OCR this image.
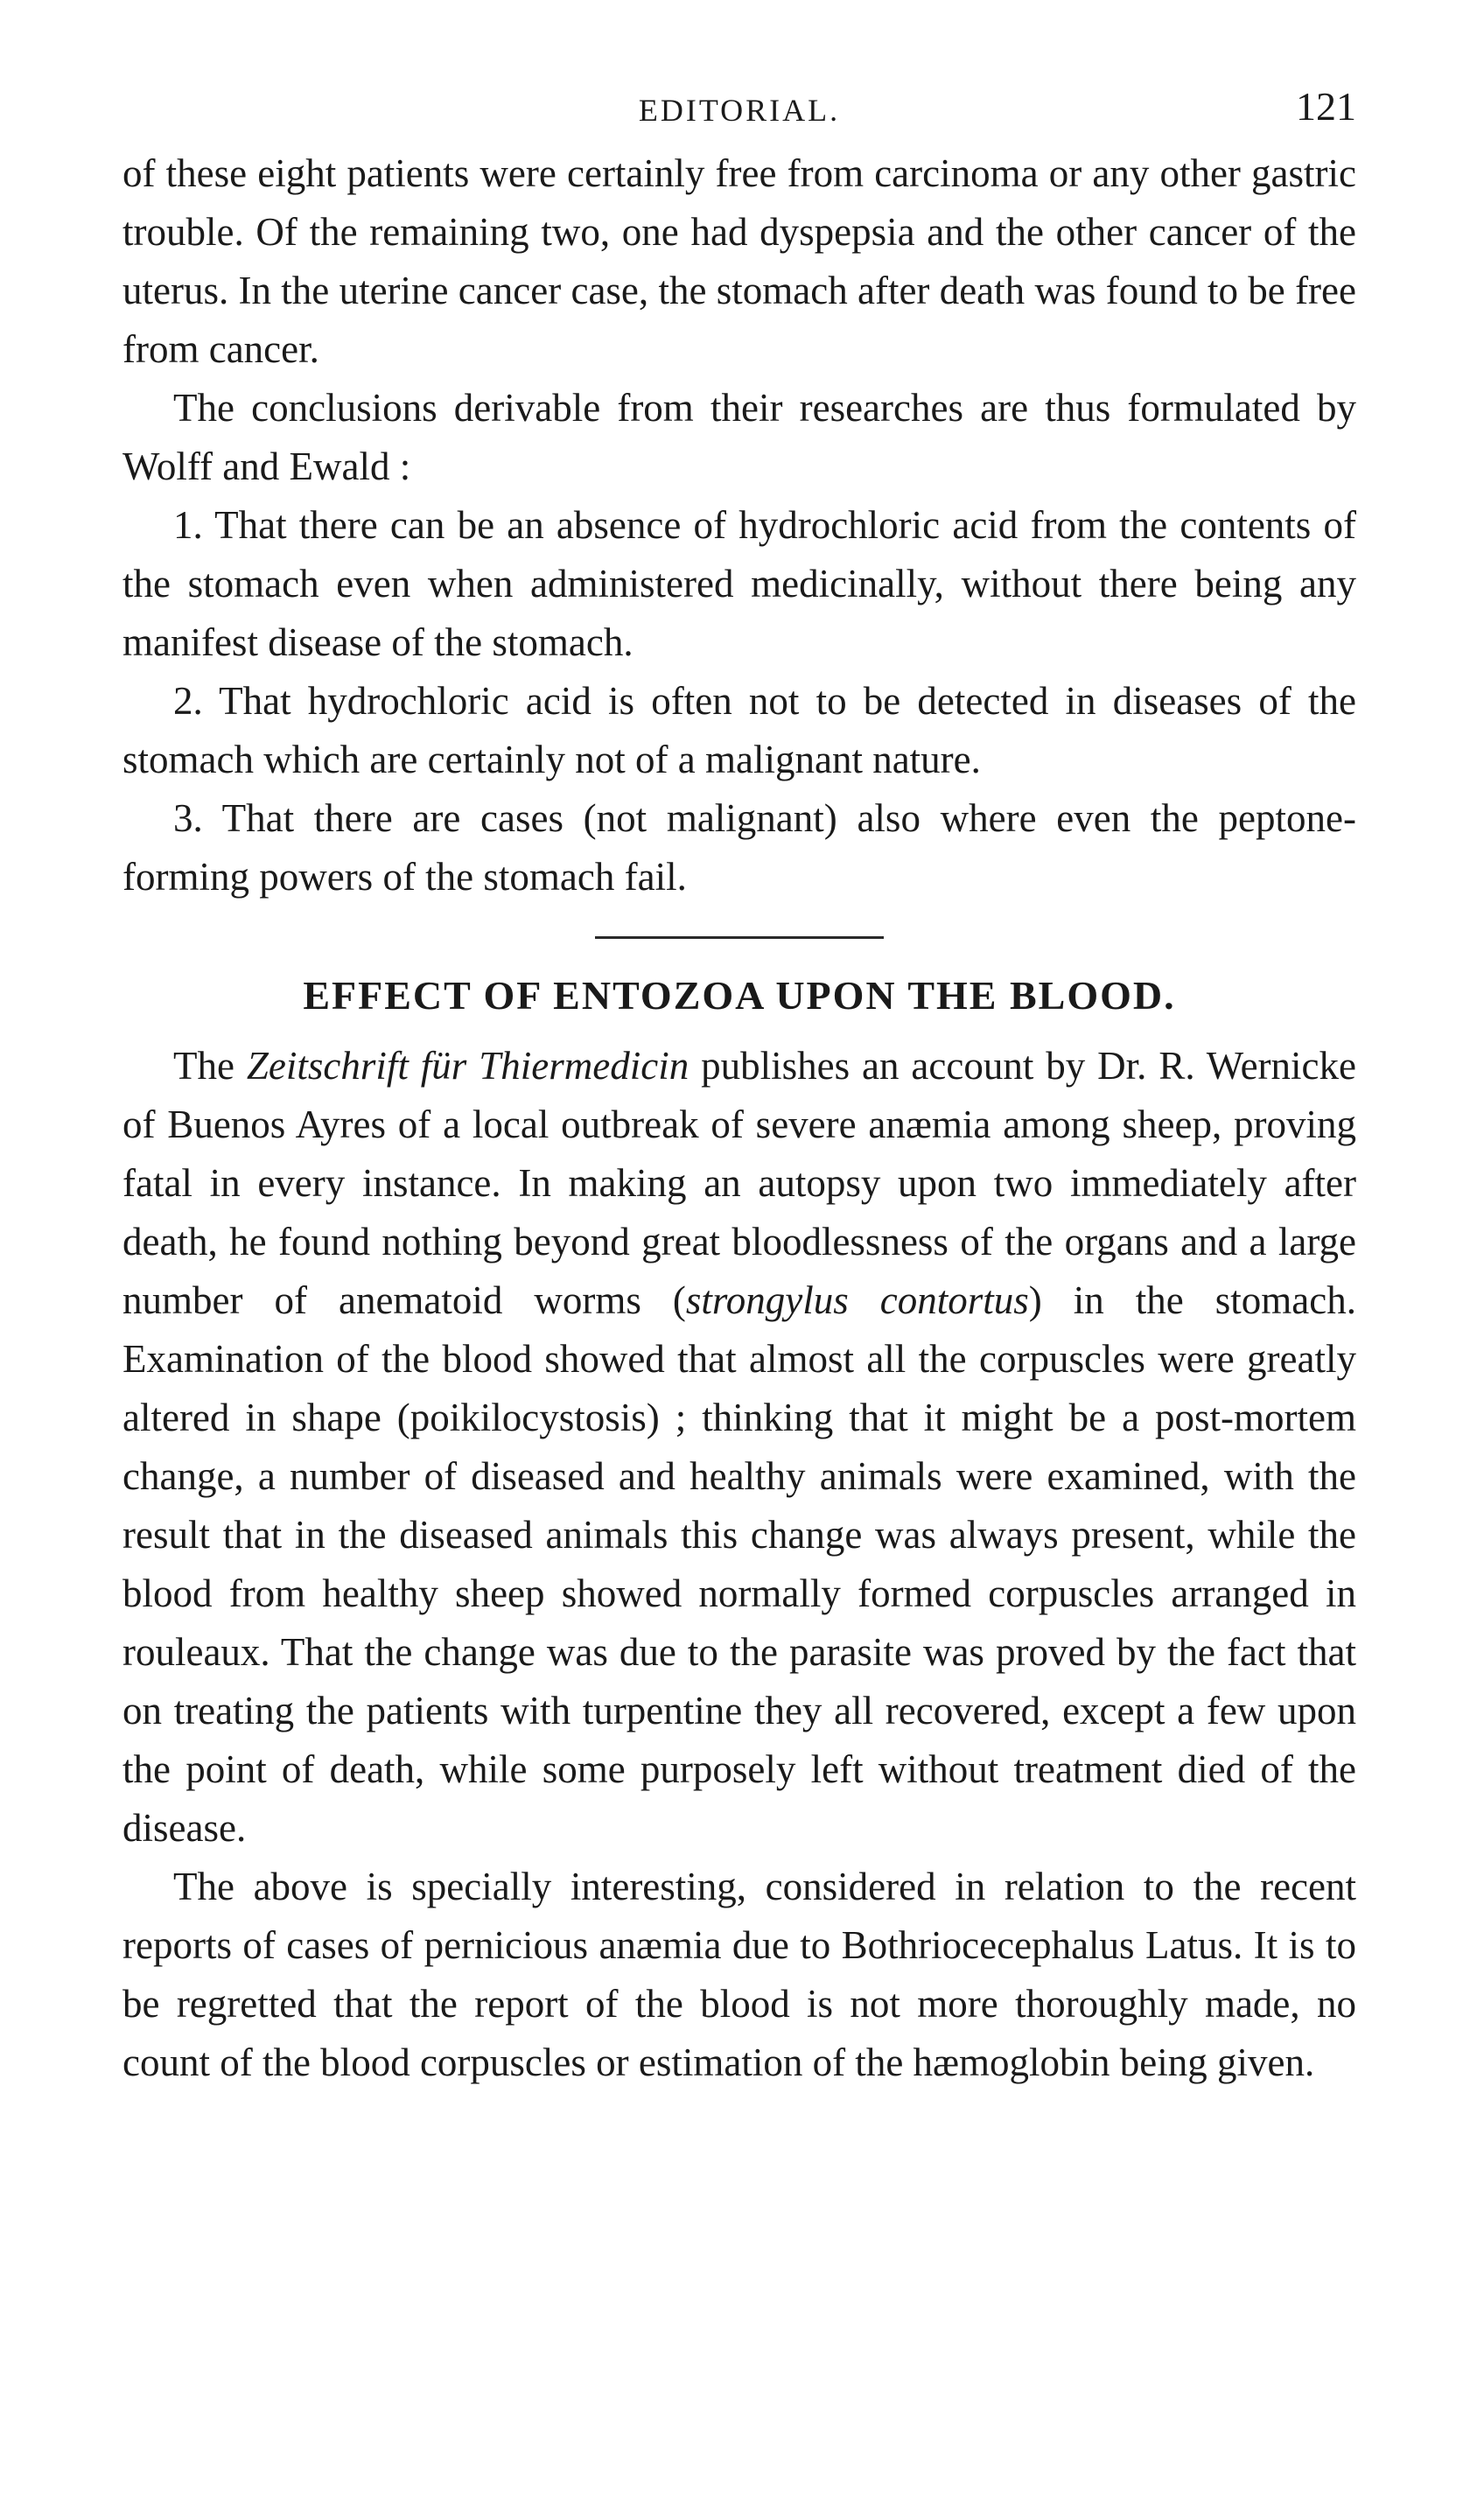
EDITORIAL.	121

of these eight patients were certainly free from carcinoma or any other gastric trouble. Of the remaining two, one had dyspepsia and the other cancer of the uterus. In the uterine cancer case, the stomach after death was found to be free from cancer.

The conclusions derivable from their researches are thus formulated by Wolff and Ewald :

1. That there can be an absence of hydrochloric acid from the contents of the stomach even when administered medicinally, without there being any manifest disease of the stomach.

2. That hydrochloric acid is often not to be detected in diseases of the stomach which are certainly not of a malignant nature.

3. That there are cases (not malignant) also where even the peptone-forming powers of the stomach fail.

EFFECT OF ENTOZOA UPON THE BLOOD.

The Zeitschrift für Thiermedicin publishes an account by Dr. R. Wernicke of Buenos Ayres of a local outbreak of severe anæmia among sheep, proving fatal in every instance. In making an autopsy upon two immediately after death, he found nothing beyond great bloodlessness of the organs and a large number of anematoid worms (strongylus contortus) in the stomach. Examination of the blood showed that almost all the corpuscles were greatly altered in shape (poikilocystosis) ; thinking that it might be a post-mortem change, a number of diseased and healthy animals were examined, with the result that in the diseased animals this change was always present, while the blood from healthy sheep showed normally formed corpuscles arranged in rouleaux. That the change was due to the parasite was proved by the fact that on treating the patients with turpentine they all recovered, except a few upon the point of death, while some purposely left without treatment died of the disease.

The above is specially interesting, considered in relation to the recent reports of cases of pernicious anæmia due to Bothriocecephalus Latus. It is to be regretted that the report of the blood is not more thoroughly made, no count of the blood corpuscles or estimation of the hæmoglobin being given.
